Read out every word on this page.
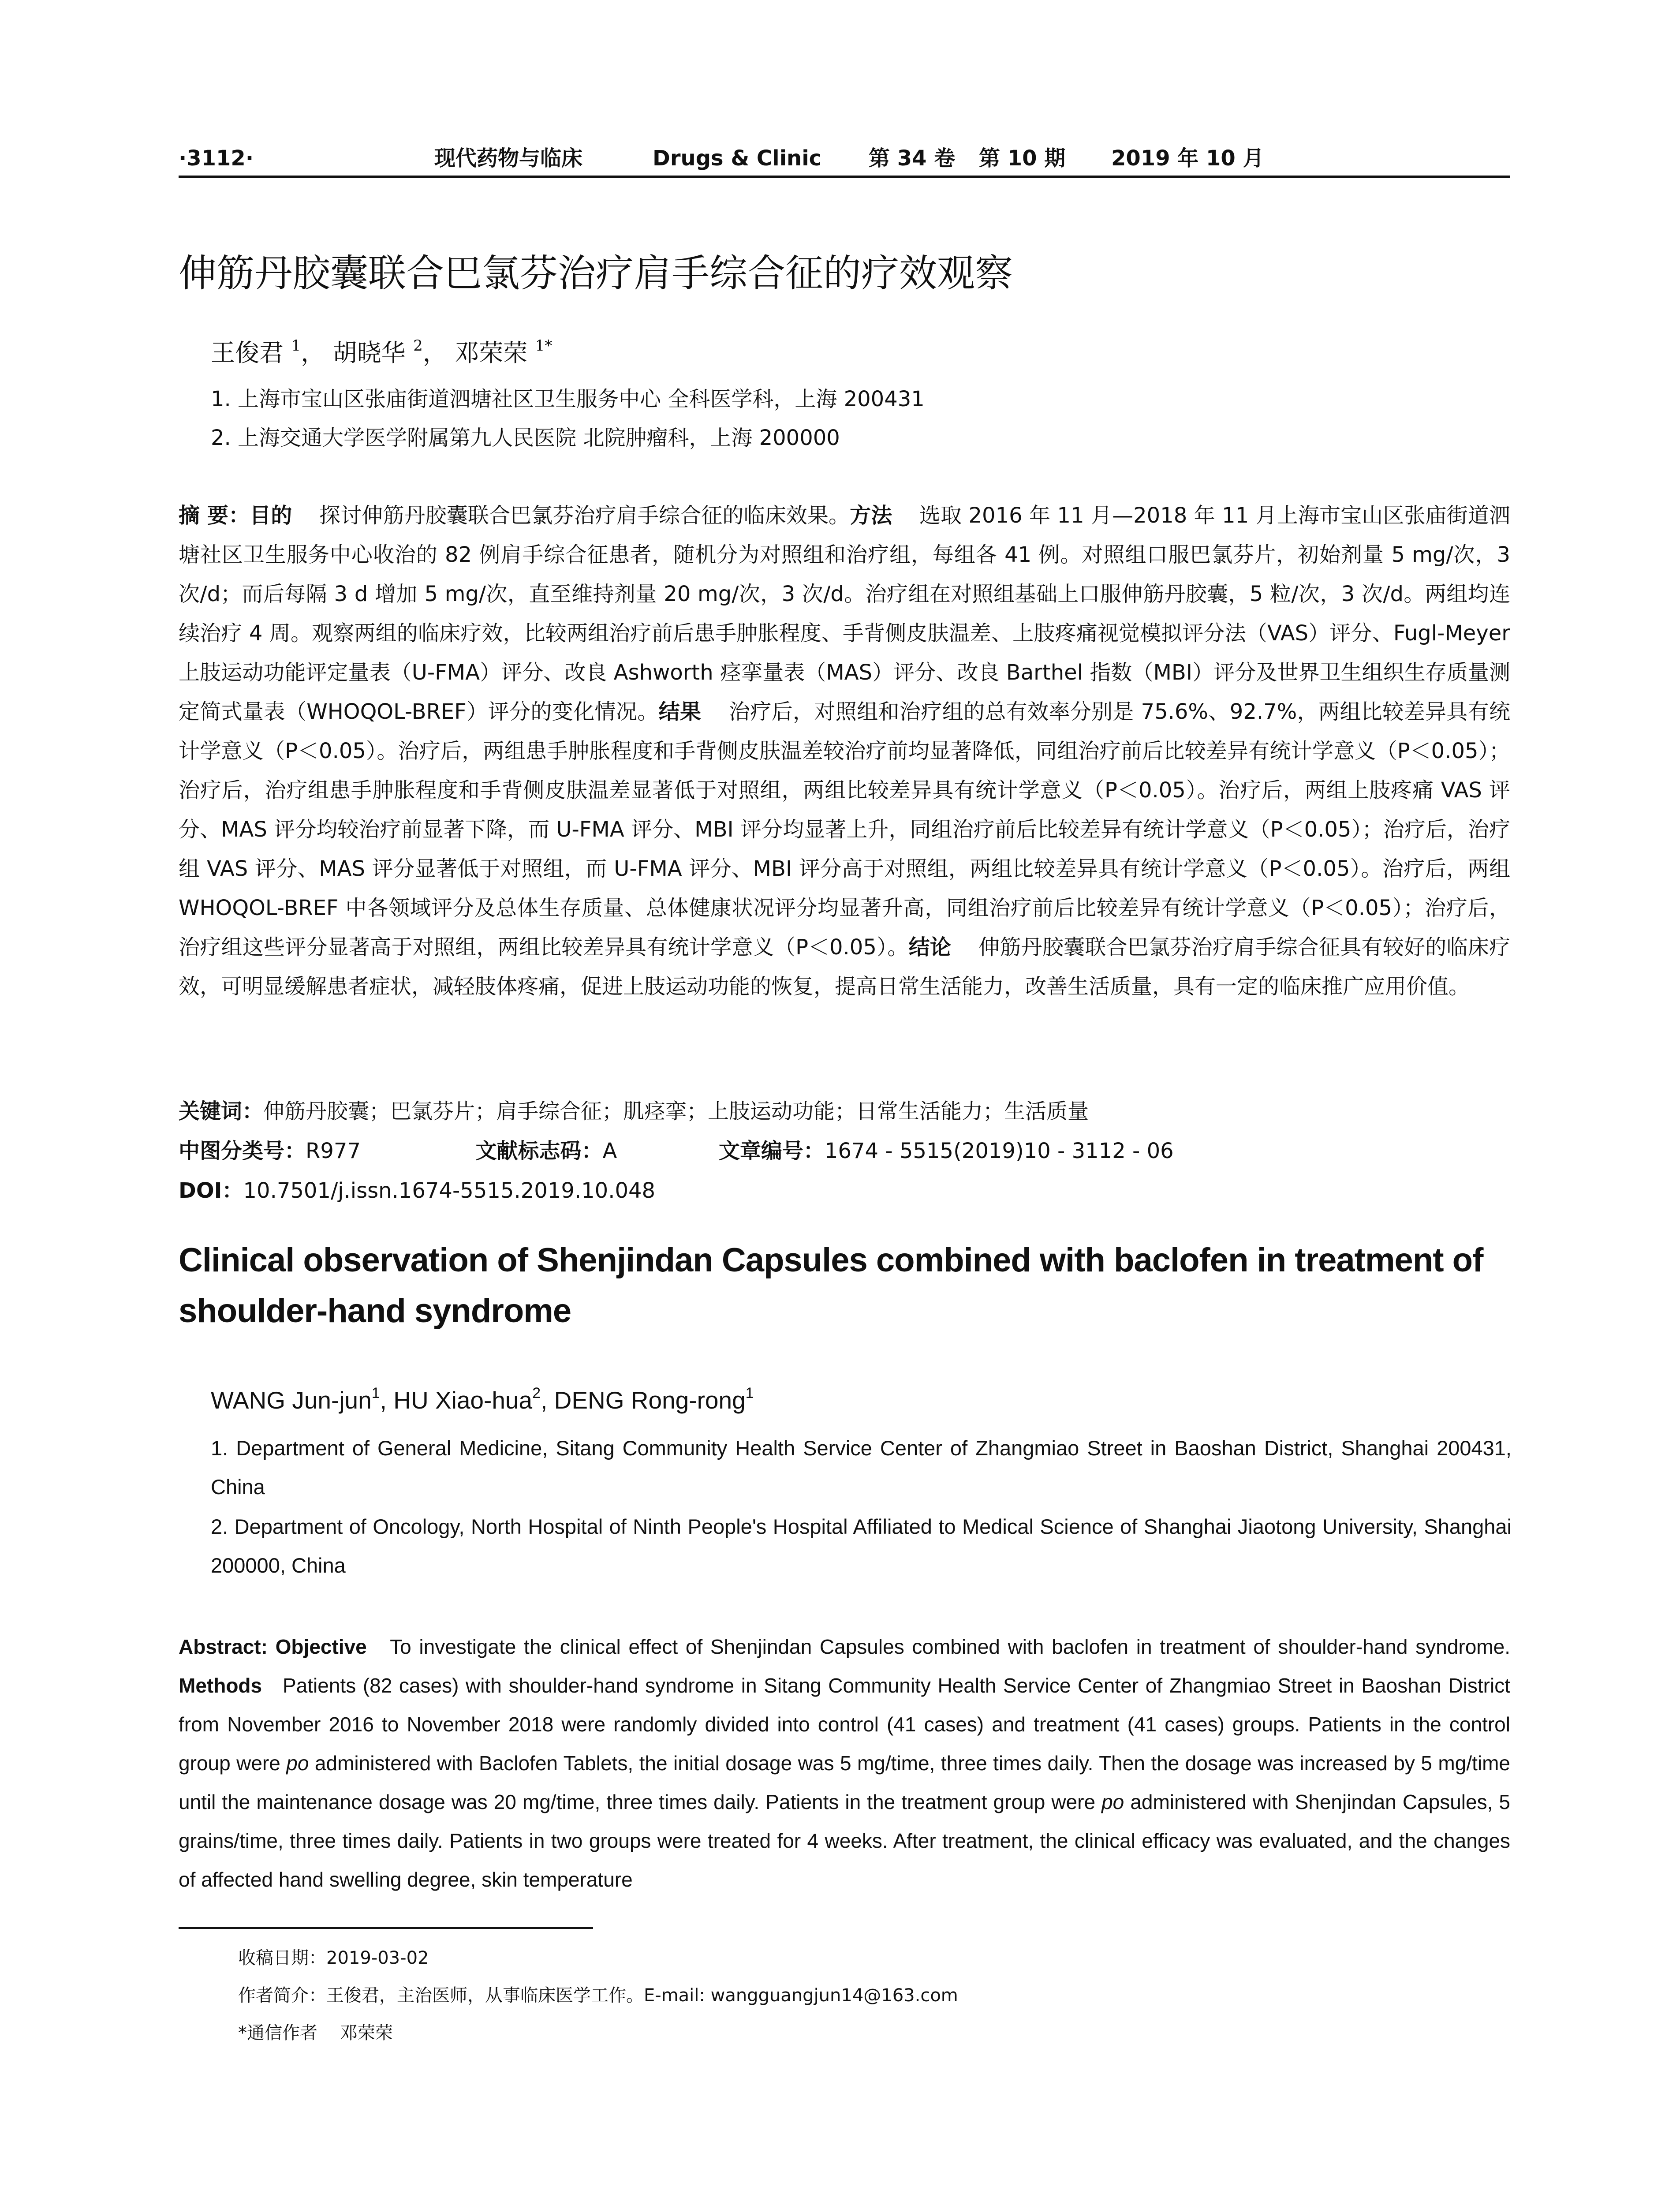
·3112·	现代药物与临床	Drugs & Clinic 第 34 卷 第 10 期 2019 年 10 月
伸筋丹胶囊联合巴氯芬治疗肩手综合征的疗效观察
王俊君 $^1$， 胡晓华 $^2$， 邓荣荣 $^{1*}$
1. 上海市宝山区张庙街道泗塘社区卫生服务中心 全科医学科，上海 200431
2. 上海交通大学医学附属第九人民医院 北院肿瘤科，上海 200000
摘 要：目的 探讨伸筋丹胶囊联合巴氯芬治疗肩手综合征的临床效果。方法 选取 2016 年 11 月—2018 年 11 月上海市宝山区张庙街道泗塘社区卫生服务中心收治的 82 例肩手综合征患者，随机分为对照组和治疗组，每组各 41 例。对照组口服巴氯芬片，初始剂量 5 mg/次，3 次/d；而后每隔 3 d 增加 5 mg/次，直至维持剂量 20 mg/次，3 次/d。治疗组在对照组基础上口服伸筋丹胶囊，5 粒/次，3 次/d。两组均连续治疗 4 周。观察两组的临床疗效，比较两组治疗前后患手肿胀程度、手背侧皮肤温差、上肢疼痛视觉模拟评分法（VAS）评分、Fugl-Meyer 上肢运动功能评定量表（U-FMA）评分、改良 Ashworth 痉挛量表（MAS）评分、改良 Barthel 指数（MBI）评分及世界卫生组织生存质量测定简式量表（WHOQOL-BREF）评分的变化情况。结果 治疗后，对照组和治疗组的总有效率分别是 75.6%、92.7%，两组比较差异具有统计学意义（P＜0.05）。治疗后，两组患手肿胀程度和手背侧皮肤温差较治疗前均显著降低，同组治疗前后比较差异有统计学意义（P＜0.05）；治疗后，治疗组患手肿胀程度和手背侧皮肤温差显著低于对照组，两组比较差异具有统计学意义（P＜0.05）。治疗后，两组上肢疼痛 VAS 评分、MAS 评分均较治疗前显著下降，而 U-FMA 评分、MBI 评分均显著上升，同组治疗前后比较差异有统计学意义（P＜0.05）；治疗后，治疗组 VAS 评分、MAS 评分显著低于对照组，而 U-FMA 评分、MBI 评分高于对照组，两组比较差异具有统计学意义（P＜0.05）。治疗后，两组 WHOQOL-BREF 中各领域评分及总体生存质量、总体健康状况评分均显著升高，同组治疗前后比较差异有统计学意义（P＜0.05）；治疗后，治疗组这些评分显著高于对照组，两组比较差异具有统计学意义（P＜0.05）。结论 伸筋丹胶囊联合巴氯芬治疗肩手综合征具有较好的临床疗效，可明显缓解患者症状，减轻肢体疼痛，促进上肢运动功能的恢复，提高日常生活能力，改善生活质量，具有一定的临床推广应用价值。
关键词：伸筋丹胶囊；巴氯芬片；肩手综合征；肌痉挛；上肢运动功能；日常生活能力；生活质量
中图分类号：R977	文献标志码：A	文章编号：1674 - 5515(2019)10 - 3112 - 06
DOI：10.7501/j.issn.1674-5515.2019.10.048
Clinical observation of Shenjindan Capsules combined with baclofen in treatment of shoulder-hand syndrome
WANG Jun-jun$^1$, HU Xiao-hua$^2$, DENG Rong-rong$^1$
1. Department of General Medicine, Sitang Community Health Service Center of Zhangmiao Street in Baoshan District, Shanghai 200431, China
2. Department of Oncology, North Hospital of Ninth People's Hospital Affiliated to Medical Science of Shanghai Jiaotong University, Shanghai 200000, China
Abstract: Objective To investigate the clinical effect of Shenjindan Capsules combined with baclofen in treatment of shoulder-hand syndrome. Methods Patients (82 cases) with shoulder-hand syndrome in Sitang Community Health Service Center of Zhangmiao Street in Baoshan District from November 2016 to November 2018 were randomly divided into control (41 cases) and treatment (41 cases) groups. Patients in the control group were po administered with Baclofen Tablets, the initial dosage was 5 mg/time, three times daily. Then the dosage was increased by 5 mg/time until the maintenance dosage was 20 mg/time, three times daily. Patients in the treatment group were po administered with Shenjindan Capsules, 5 grains/time, three times daily. Patients in two groups were treated for 4 weeks. After treatment, the clinical efficacy was evaluated, and the changes of affected hand swelling degree, skin temperature
收稿日期：2019-03-02
作者简介：王俊君，主治医师，从事临床医学工作。E-mail: wangguangjun14@163.com
*通信作者 邓荣荣
